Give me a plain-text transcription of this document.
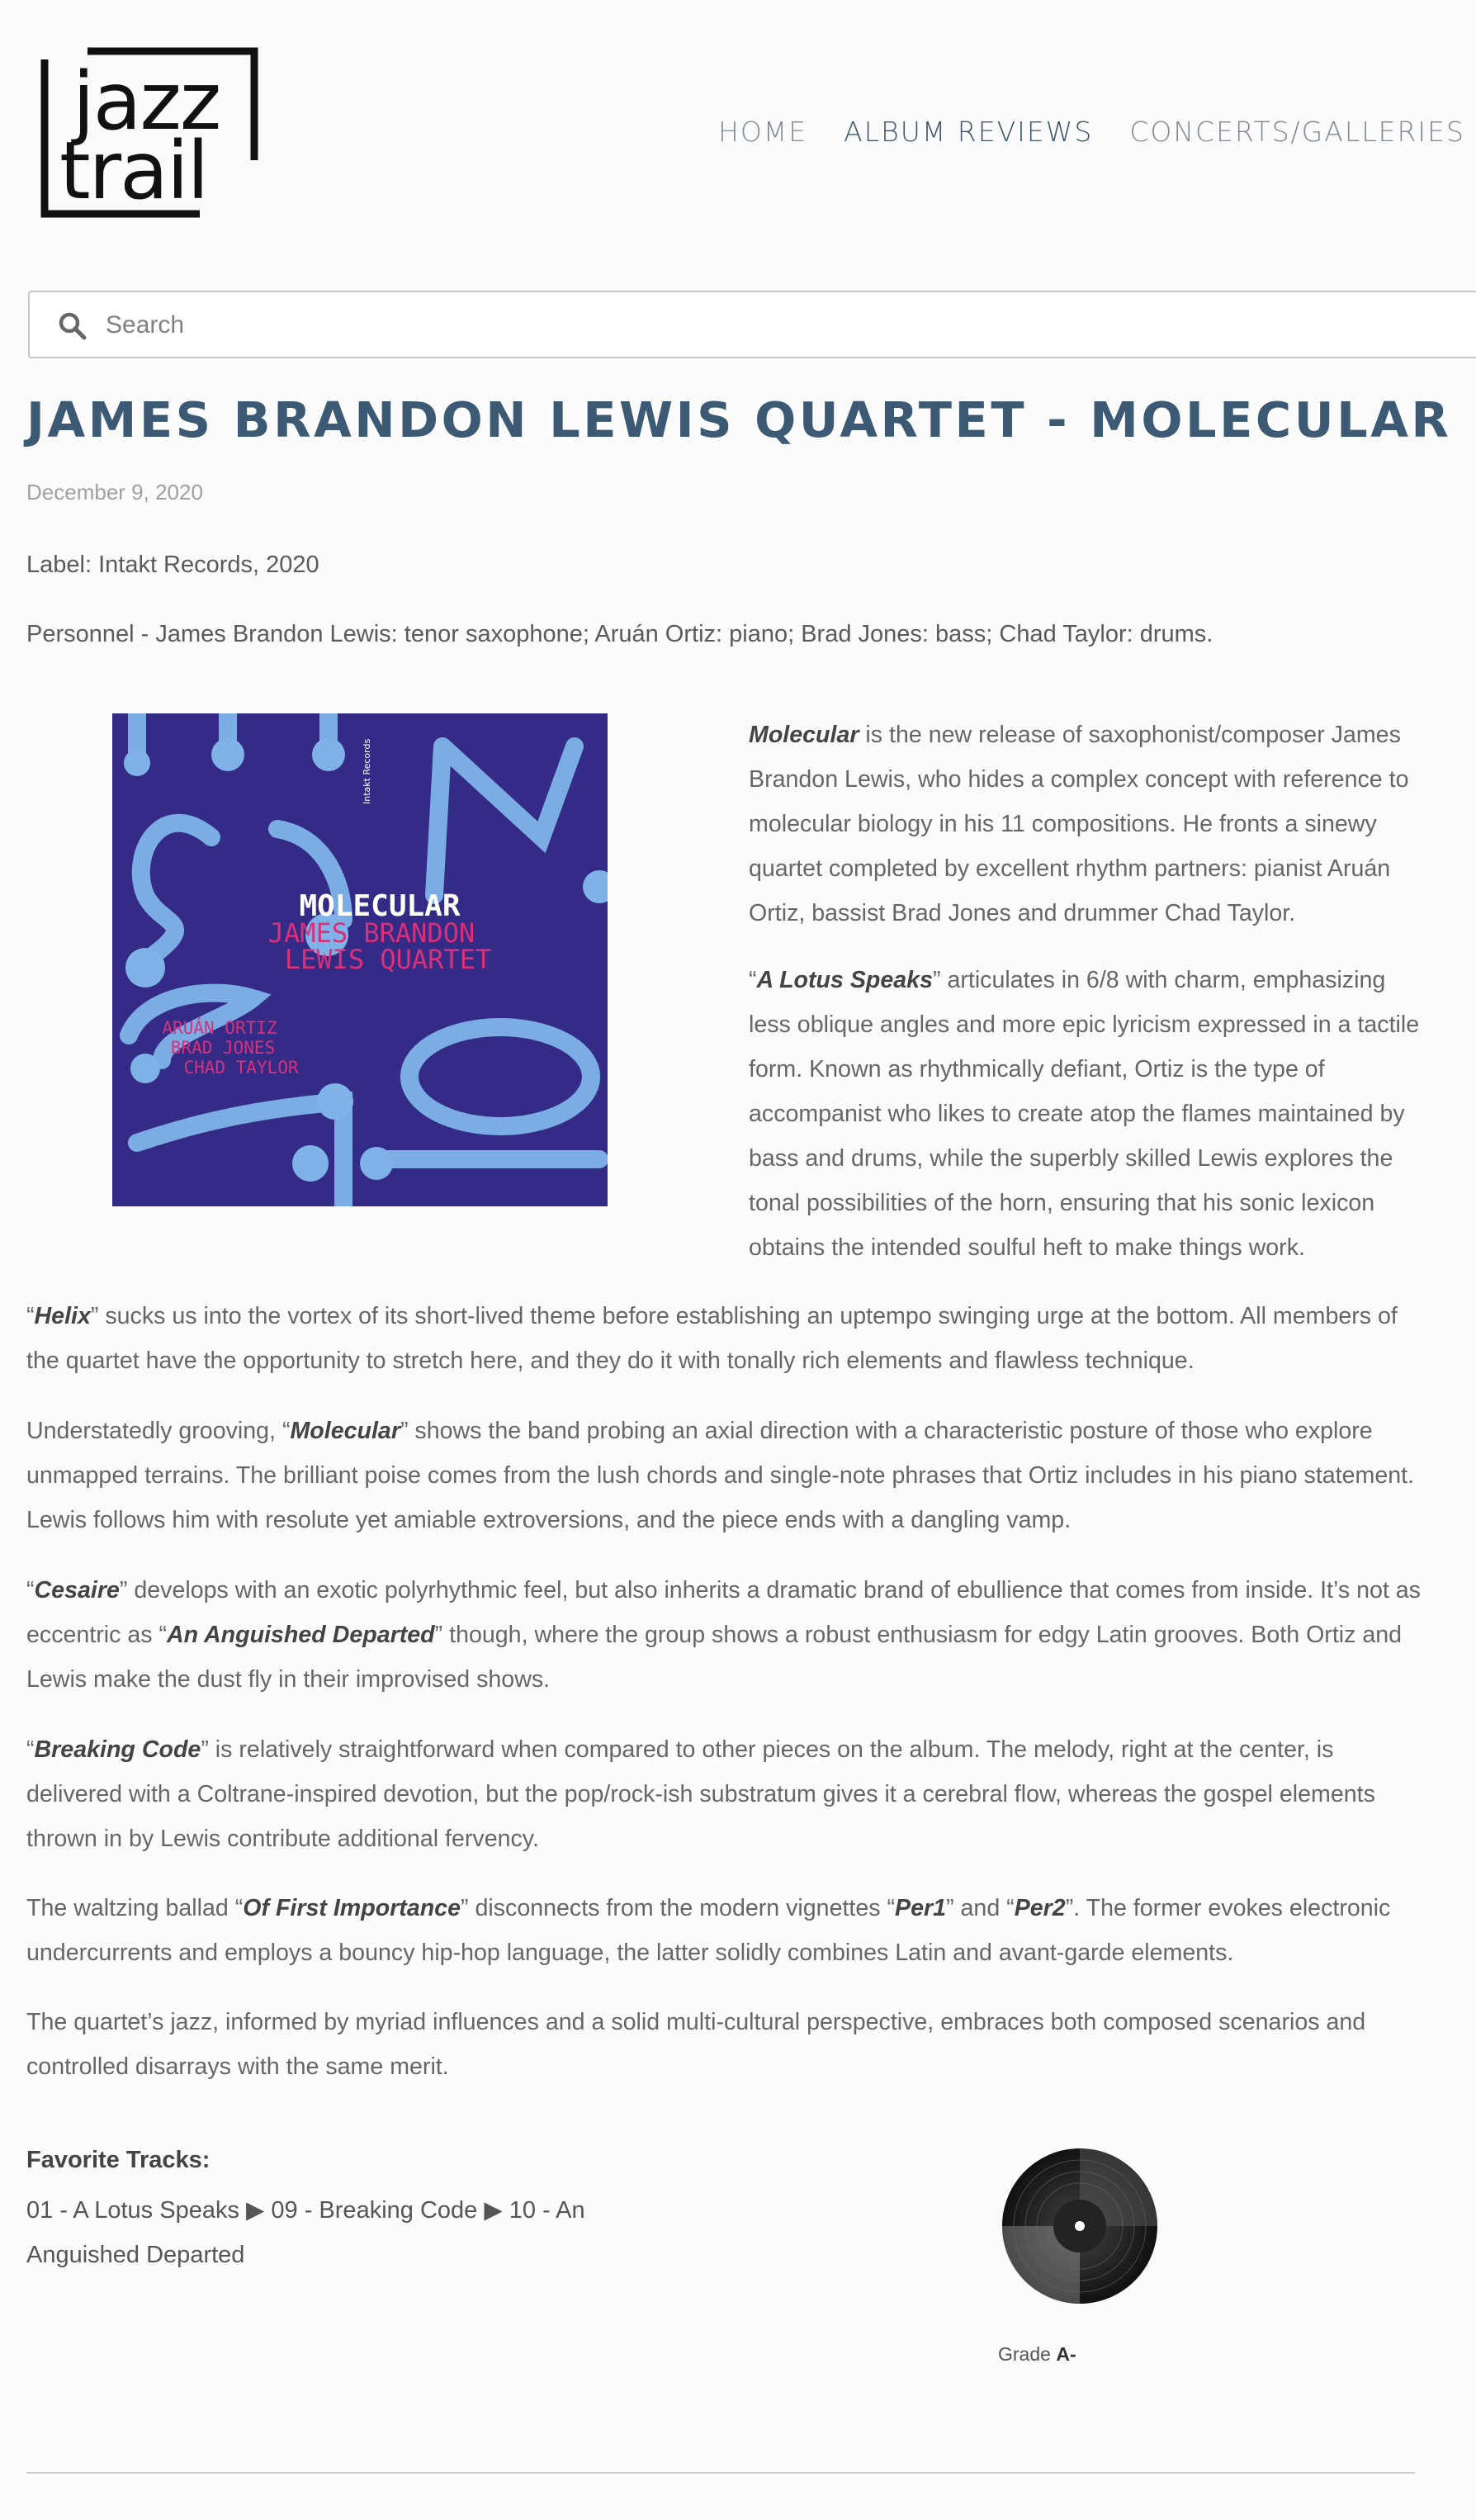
jazz
trail	HOME ALBUM REVIEWS CONCERTS/GALLERIES
Search
JAMES BRANDON LEWIS QUARTET - MOLECULAR
December 9, 2020
Label: Intakt Records, 2020
Personnel - James Brandon Lewis: tenor saxophone; Aruán Ortiz: piano; Brad Jones: bass; Chad Taylor: drums.
Intakt Records
MOLECULAR
JAMES BRANDON
LEWIS QUARTET
ARUÁN ORTIZ
BRAD JONES
CHAD TAYLOR

Molecular is the new release of saxophonist/composer James Brandon Lewis, who hides a complex concept with reference to molecular biology in his 11 compositions. He fronts a sinewy quartet completed by excellent rhythm partners: pianist Aruán Ortiz, bassist Brad Jones and drummer Chad Taylor.

“A Lotus Speaks” articulates in 6/8 with charm, emphasizing less oblique angles and more epic lyricism expressed in a tactile form. Known as rhythmically defiant, Ortiz is the type of accompanist who likes to create atop the flames maintained by bass and drums, while the superbly skilled Lewis explores the tonal possibilities of the horn, ensuring that his sonic lexicon obtains the intended soulful heft to make things work.

“Helix” sucks us into the vortex of its short-lived theme before establishing an uptempo swinging urge at the bottom. All members of the quartet have the opportunity to stretch here, and they do it with tonally rich elements and flawless technique.

Understatedly grooving, “Molecular” shows the band probing an axial direction with a characteristic posture of those who explore unmapped terrains. The brilliant poise comes from the lush chords and single-note phrases that Ortiz includes in his piano statement. Lewis follows him with resolute yet amiable extroversions, and the piece ends with a dangling vamp.

“Cesaire” develops with an exotic polyrhythmic feel, but also inherits a dramatic brand of ebullience that comes from inside. It’s not as eccentric as “An Anguished Departed” though, where the group shows a robust enthusiasm for edgy Latin grooves. Both Ortiz and Lewis make the dust fly in their improvised shows.

“Breaking Code” is relatively straightforward when compared to other pieces on the album. The melody, right at the center, is delivered with a Coltrane-inspired devotion, but the pop/rock-ish substratum gives it a cerebral flow, whereas the gospel elements thrown in by Lewis contribute additional fervency.

The waltzing ballad “Of First Importance” disconnects from the modern vignettes “Per1” and “Per2”. The former evokes electronic undercurrents and employs a bouncy hip-hop language, the latter solidly combines Latin and avant-garde elements.

The quartet’s jazz, informed by myriad influences and a solid multi-cultural perspective, embraces both composed scenarios and controlled disarrays with the same merit.

Favorite Tracks:
01 - A Lotus Speaks ▶ 09 - Breaking Code ▶ 10 - An Anguished Departed
Grade A-
